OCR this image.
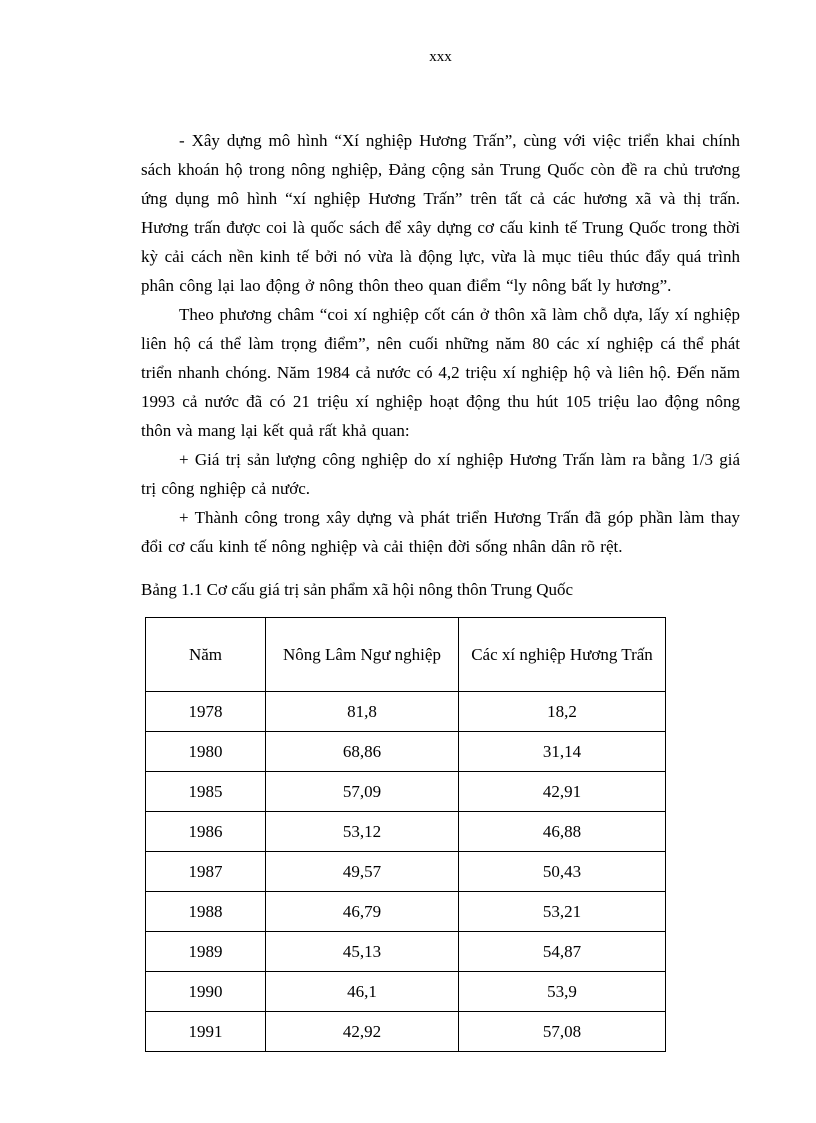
xxx

- Xây dựng mô hình “Xí nghiệp Hương Trấn”, cùng với việc triển khai chính sách khoán hộ trong nông nghiệp, Đảng cộng sản Trung Quốc còn đề ra chủ trương ứng dụng mô hình “xí nghiệp Hương Trấn” trên tất cả các hương xã và thị trấn. Hương trấn được coi là quốc sách để xây dựng cơ cấu kinh tế Trung Quốc trong thời kỳ cải cách nền kinh tế bởi nó vừa là động lực, vừa là mục tiêu thúc đẩy quá trình phân công lại lao động ở nông thôn theo quan điểm “ly nông bất ly hương”.

Theo phương châm “coi xí nghiệp cốt cán ở thôn xã làm chỗ dựa, lấy xí nghiệp liên hộ cá thể làm trọng điểm”, nên cuối những năm 80 các xí nghiệp cá thể phát triển nhanh chóng. Năm 1984 cả nước có 4,2 triệu xí nghiệp hộ và liên hộ. Đến năm 1993 cả nước đã có 21 triệu xí nghiệp hoạt động thu hút 105 triệu lao động nông thôn và mang lại kết quả rất khả quan:

+ Giá trị sản lượng công nghiệp do xí nghiệp Hương Trấn làm ra bằng 1/3 giá trị công nghiệp cả nước.

+ Thành công trong xây dựng và phát triển Hương Trấn đã góp phần làm thay đổi cơ cấu kinh tế nông nghiệp và cải thiện đời sống nhân dân rõ rệt.

Bảng 1.1 Cơ cấu giá trị sản phẩm xã hội nông thôn Trung Quốc

Năm	Nông Lâm Ngư nghiệp	Các xí nghiệp Hương Trấn
1978	81,8	18,2
1980	68,86	31,14
1985	57,09	42,91
1986	53,12	46,88
1987	49,57	50,43
1988	46,79	53,21
1989	45,13	54,87
1990	46,1	53,9
1991	42,92	57,08
